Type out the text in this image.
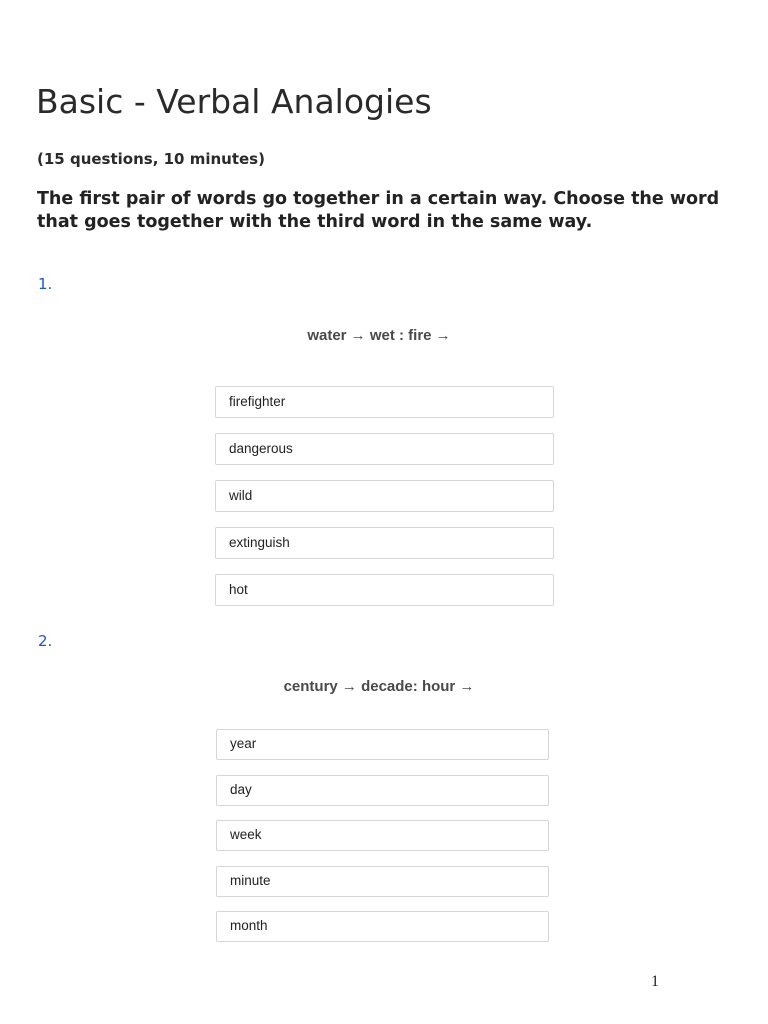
Basic - Verbal Analogies
(15 questions, 10 minutes)
The first pair of words go together in a certain way. Choose the word that goes together with the third word in the same way.
1.
water → wet : fire →
firefighter
dangerous
wild
extinguish
hot
2.
century → decade: hour →
year
day
week
minute
month
1
